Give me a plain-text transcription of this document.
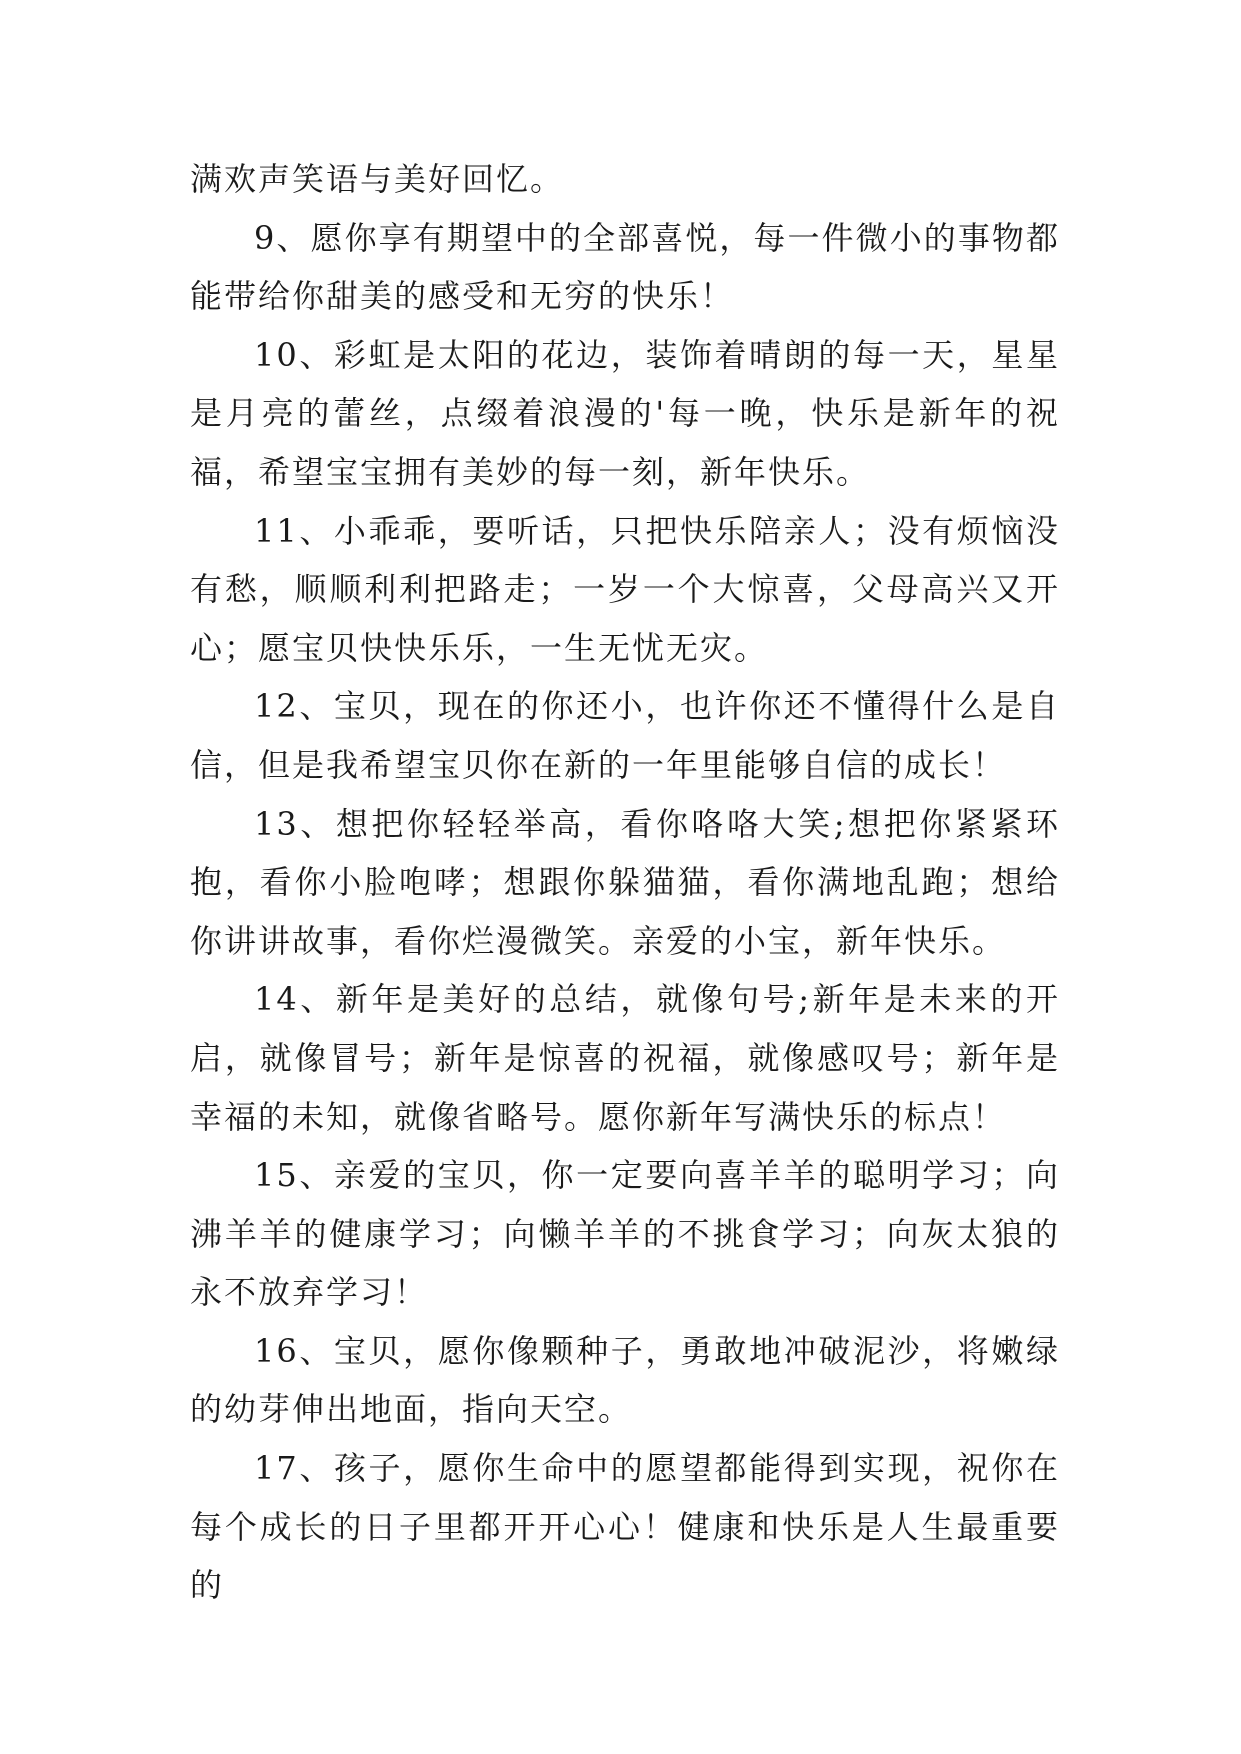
满欢声笑语与美好回忆。

9、愿你享有期望中的全部喜悦，每一件微小的事物都能带给你甜美的感受和无穷的快乐！

10、彩虹是太阳的花边，装饰着晴朗的每一天，星星是月亮的蕾丝，点缀着浪漫的'每一晚，快乐是新年的祝福，希望宝宝拥有美妙的每一刻，新年快乐。

11、小乖乖，要听话，只把快乐陪亲人；没有烦恼没有愁，顺顺利利把路走；一岁一个大惊喜，父母高兴又开心；愿宝贝快快乐乐，一生无忧无灾。

12、宝贝，现在的你还小，也许你还不懂得什么是自信，但是我希望宝贝你在新的一年里能够自信的成长！

13、想把你轻轻举高，看你咯咯大笑;想把你紧紧环抱，看你小脸咆哮；想跟你躲猫猫，看你满地乱跑；想给你讲讲故事，看你烂漫微笑。亲爱的小宝，新年快乐。

14、新年是美好的总结，就像句号;新年是未来的开启，就像冒号；新年是惊喜的祝福，就像感叹号；新年是幸福的未知，就像省略号。愿你新年写满快乐的标点！

15、亲爱的宝贝，你一定要向喜羊羊的聪明学习；向沸羊羊的健康学习；向懒羊羊的不挑食学习；向灰太狼的永不放弃学习！

16、宝贝，愿你像颗种子，勇敢地冲破泥沙，将嫩绿的幼芽伸出地面，指向天空。

17、孩子，愿你生命中的愿望都能得到实现，祝你在每个成长的日子里都开开心心！健康和快乐是人生最重要的
